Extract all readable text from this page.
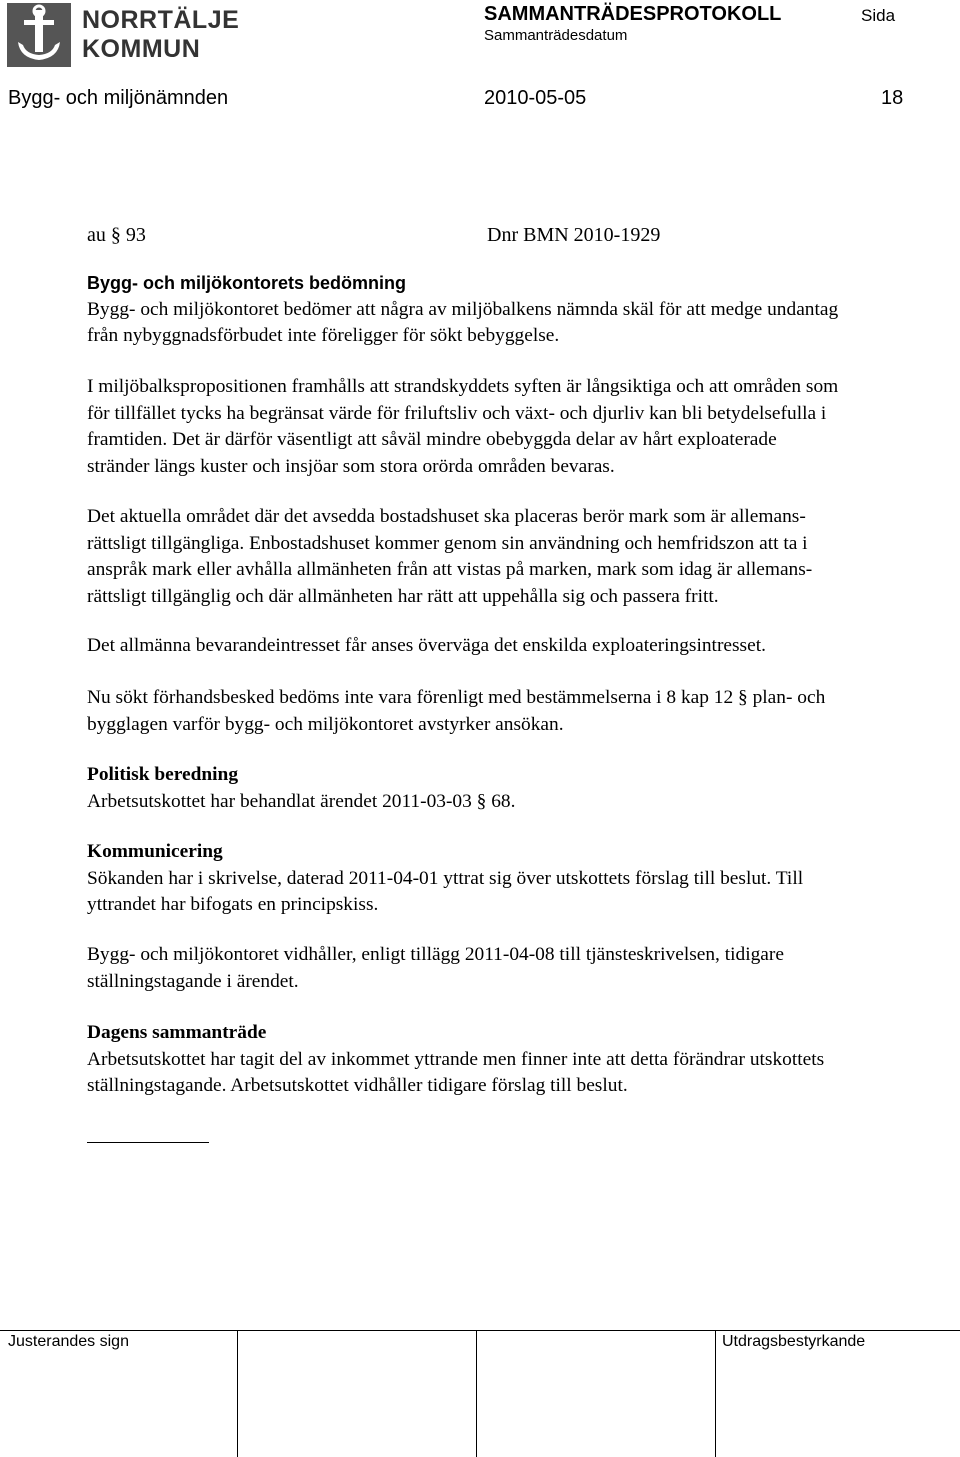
NORRTÄLJE
KOMMUN
SAMMANTRÄDESPROTOKOLL	Sida
Sammanträdesdatum
Bygg- och miljönämnden	2010-05-05	18
au § 93	Dnr BMN 2010-1929
Bygg- och miljökontorets bedömning

Bygg- och miljökontoret bedömer att några av miljöbalkens nämnda skäl för att medge undantag
från nybyggnadsförbudet inte föreligger för sökt bebyggelse.

I miljöbalkspropositionen framhålls att strandskyddets syften är långsiktiga och att områden som
för tillfället tycks ha begränsat värde för friluftsliv och växt- och djurliv kan bli betydelsefulla i
framtiden. Det är därför väsentligt att såväl mindre obebyggda delar av hårt exploaterade
stränder längs kuster och insjöar som stora orörda områden bevaras.
Det aktuella området där det avsedda bostadshuset ska placeras berör mark som är allemans-
rättsligt tillgängliga. Enbostadshuset kommer genom sin användning och hemfridszon att ta i
anspråk mark eller avhålla allmänheten från att vistas på marken, mark som idag är allemans-
rättsligt tillgänglig och där allmänheten har rätt att uppehålla sig och passera fritt.
Det allmänna bevarandeintresset får anses överväga det enskilda exploateringsintresset.
Nu sökt förhandsbesked bedöms inte vara förenligt med bestämmelserna i 8 kap 12 § plan- och
bygglagen varför bygg- och miljökontoret avstyrker ansökan.
Politisk beredning
Arbetsutskottet har behandlat ärendet 2011-03-03 § 68.
Kommunicering
Sökanden har i skrivelse, daterad 2011-04-01 yttrat sig över utskottets förslag till beslut. Till
yttrandet har bifogats en principskiss.
Bygg- och miljökontoret vidhåller, enligt tillägg 2011-04-08 till tjänsteskrivelsen, tidigare
ställningstagande i ärendet.
Dagens sammanträde
Arbetsutskottet har tagit del av inkommet yttrande men finner inte att detta förändrar utskottets
ställningstagande. Arbetsutskottet vidhåller tidigare förslag till beslut.
Justerandes sign	Utdragsbestyrkande
